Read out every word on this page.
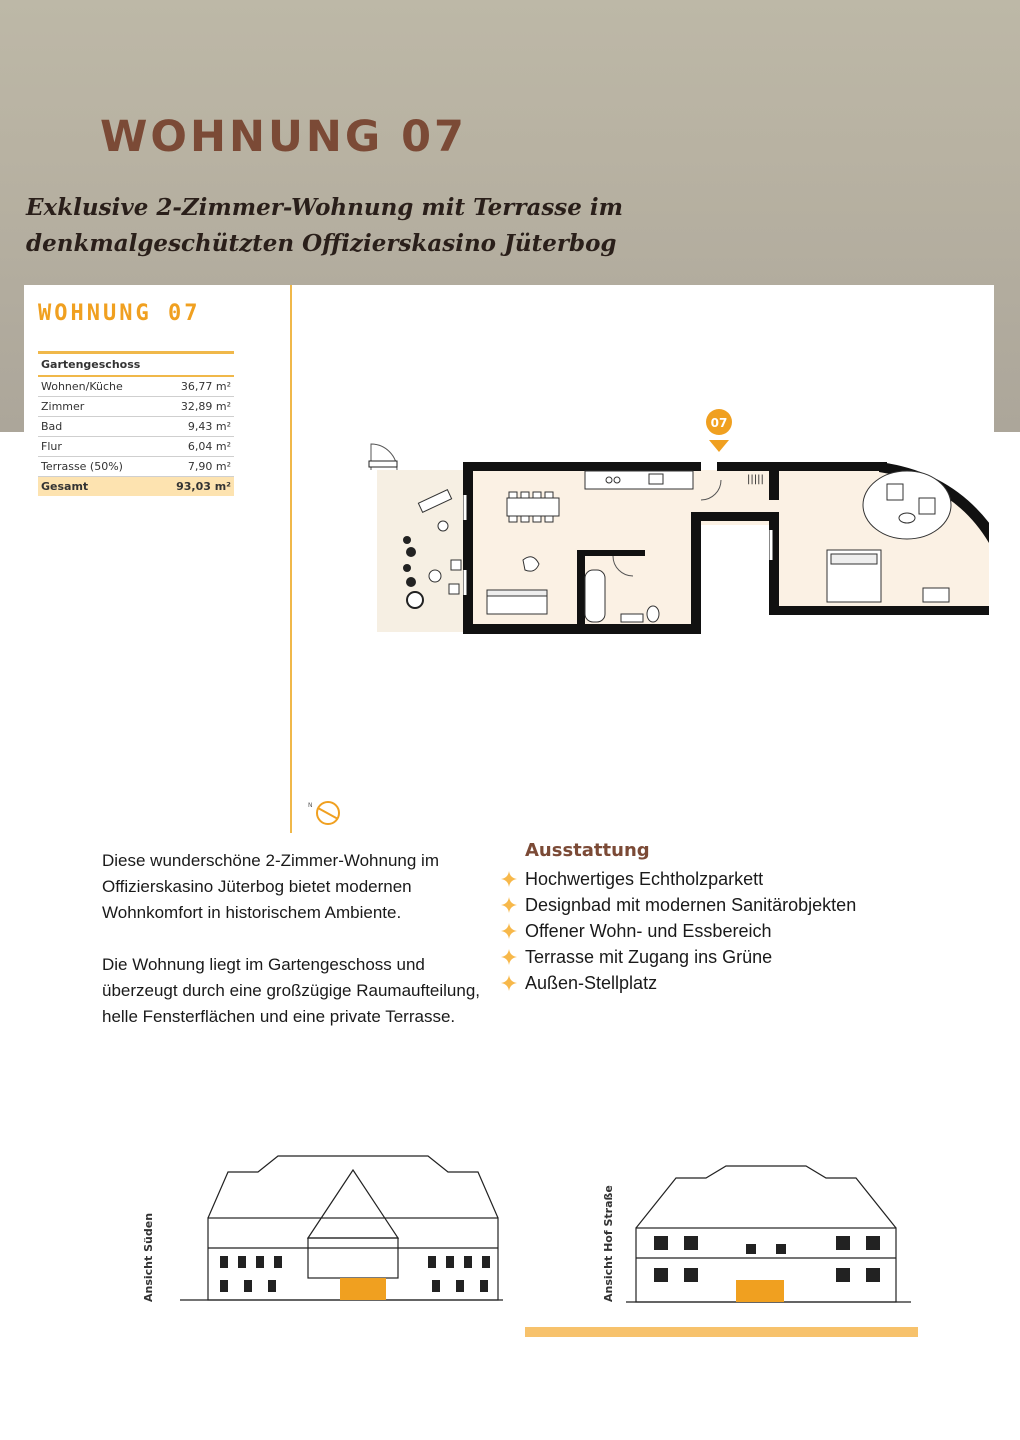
WOHNUNG 07
Exklusive 2-Zimmer-Wohnung mit Terrasse im
denkmalgeschützten Offizierskasino Jüterbog
WOHNUNG 07
Gartengeschoss	
Wohnen/Küche	36,77 m²
Zimmer	32,89 m²
Bad	9,43 m²
Flur	6,04 m²
Terrasse (50%)	7,90 m²
Gesamt	93,03 m²
|||||
07
N

Diese wunderschöne 2-Zimmer-Wohnung im Offizierskasino Jüterbog bietet modernen Wohnkomfort in historischem Ambiente.

Die Wohnung liegt im Gartengeschoss und überzeugt durch eine großzügige Raumaufteilung, helle Fensterflächen und eine private Terrasse.

Ausstattung
Hochwertiges Echtholzparkett
Designbad mit modernen Sanitärobjekten
Offener Wohn- und Essbereich
Terrasse mit Zugang ins Grüne
Außen-Stellplatz
Ansicht Süden	Ansicht Hof Straße
